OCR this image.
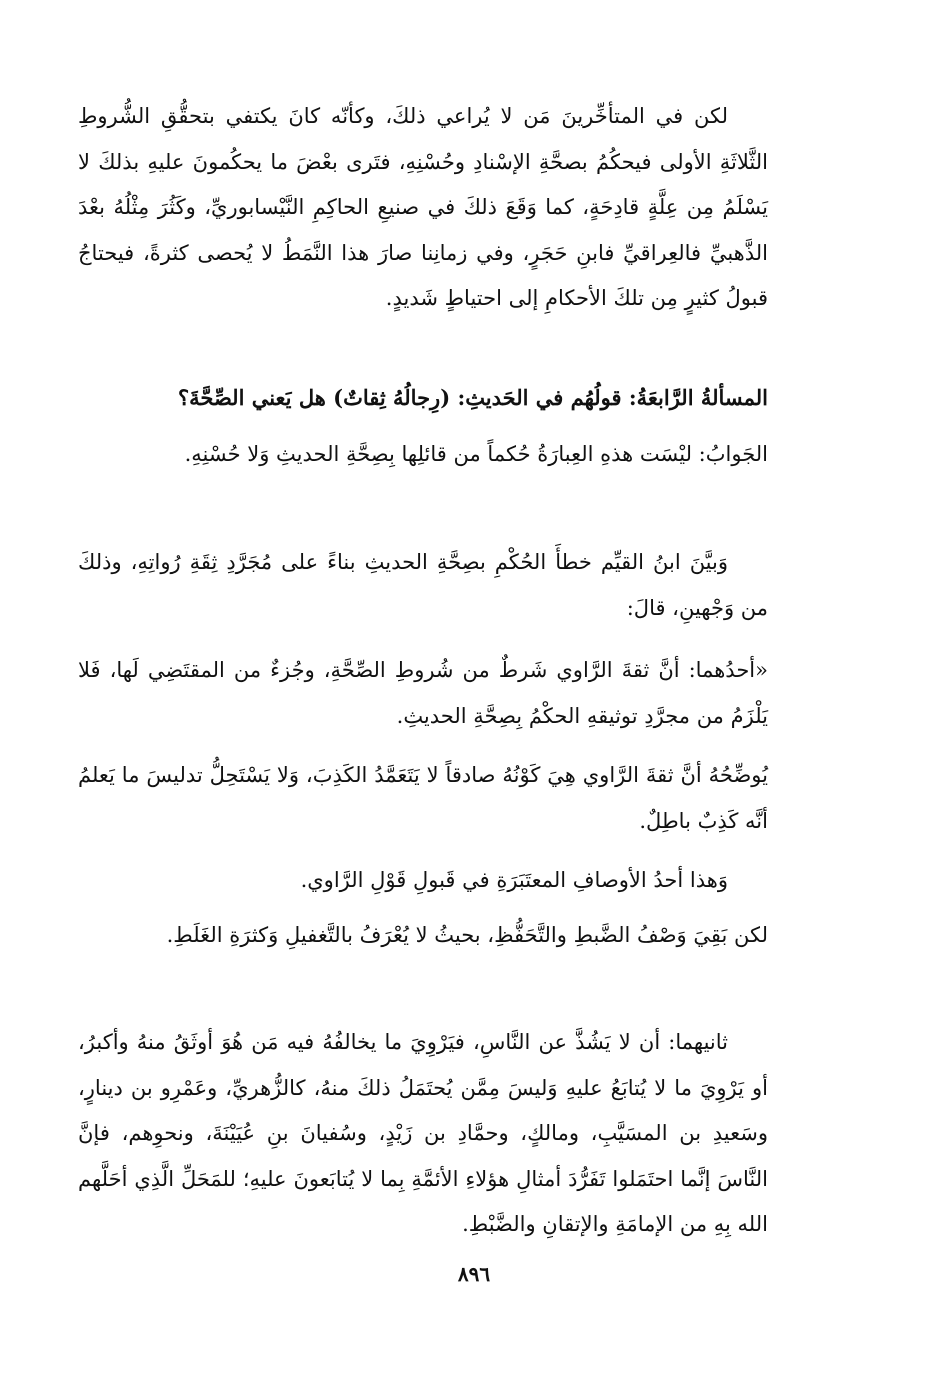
لكن في المتأخِّرينَ مَن لا يُراعي ذلكَ، وكأنّه كانَ يكتفي بتحقُّقِ الشُّروطِ الثَّلاثَةِ الأولى فيحكُمُ بصحَّةِ الإسْنادِ وحُسْنِهِ، فتَرى بعْضَ ما يحكُمونَ عليهِ بذلكَ لا يَسْلَمُ مِن عِلَّةٍ قادِحَةٍ، كما وَقَعَ ذلكَ في صنيعِ الحاكِمِ النَّيْسابوريِّ، وكَثُرَ مِثْلُهُ بعْدَ الذَّهبيِّ فالعِراقيِّ فابنِ حَجَرٍ، وفي زمانِنا صارَ هذا النَّمَطُ لا يُحصى كثرةً، فيحتاجُ قبولُ كثيرٍ مِن تلكَ الأحكامِ إلى احتياطٍ شَديدٍ.

المسألةُ الرَّابعَةُ: قولُهُم في الحَديثِ: (رِجالُهُ ثِقاتٌ) هل يَعني الصِّحَّةَ؟

الجَوابُ: ليْسَت هذهِ العِبارَةُ حُكماً من قائلِها بِصِحَّةِ الحديثِ وَلا حُسْنِهِ.

وَبيَّنَ ابنُ القيِّم خطأَ الحُكْمِ بصِحَّةِ الحديثِ بناءً على مُجَرَّدِ ثِقَةِ رُواتِهِ، وذلكَ من وَجْهينِ، قالَ:

«أحدُهما: أنَّ ثقةَ الرَّاوي شَرطٌ من شُروطِ الصِّحَّةِ، وجُزءٌ من المقتَضِي لَها، فَلا يَلْزَمُ من مجرَّدِ توثيقهِ الحكْمُ بِصِحَّةِ الحديثِ.

يُوضِّحُهُ أنَّ ثقةَ الرَّاوي هِيَ كَوْنُهُ صادقاً لا يَتَعَمَّدُ الكَذِبَ، وَلا يَسْتَحِلُّ تدليسَ ما يَعلمُ أنَّه كَذِبٌ باطِلٌ.

وَهذا أحدُ الأوصافِ المعتَبَرَةِ في قَبولِ قَوْلِ الرَّاوي.

لكن بَقِيَ وَصْفُ الضَّبطِ والتَّحَفُّظِ، بحيثُ لا يُعْرَفُ بالتَّغفيلِ وَكثرَةِ الغَلَطِ.

ثانيهما: أن لا يَشُذَّ عن النَّاسِ، فيَرْوِيَ ما يخالفُهُ فيه مَن هُوَ أوثَقُ منهُ وأكبرُ، أو يَرْوِيَ ما لا يُتابَعُ عليهِ وَليسَ مِمَّن يُحتَمَلُ ذلكَ منهُ، كالزُّهريِّ، وعَمْرِو بن دينارٍ، وسَعيدِ بن المسَيَّبِ، ومالكٍ، وحمَّادِ بن زَيْدٍ، وسُفيانَ بنِ عُيَيْنَةَ، ونحوِهم، فإنَّ النَّاسَ إنَّما احتَمَلوا تَفَرُّدَ أمثالِ هؤلاءِ الأئمَّةِ بِما لا يُتابَعونَ عليهِ؛ للمَحَلِّ الَّذِي أحَلَّهم الله بِهِ من الإمامَةِ والإتقانِ والضَّبْطِ.

٨٩٦
